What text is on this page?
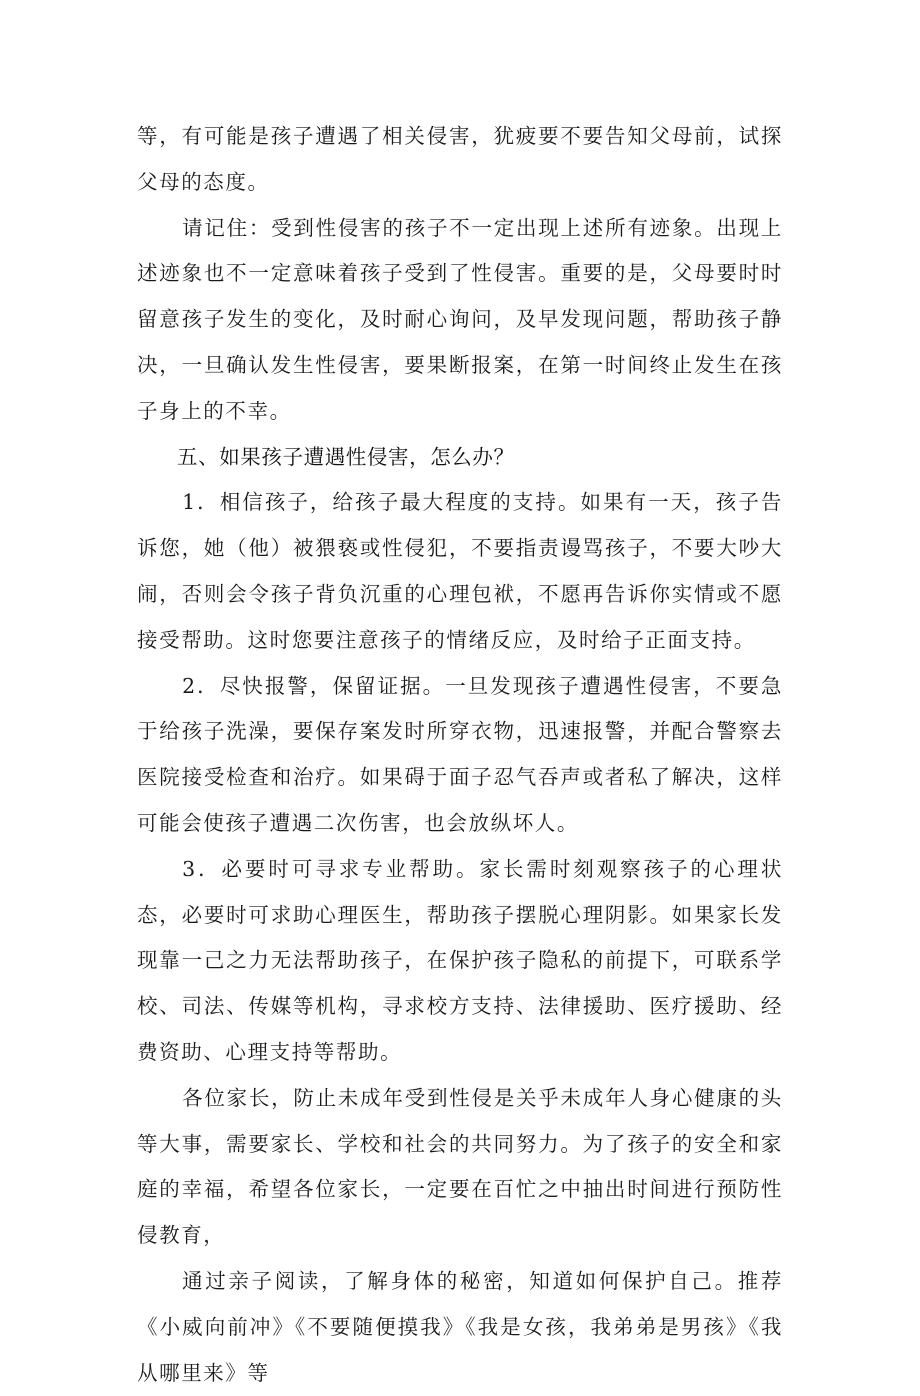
等，有可能是孩子遭遇了相关侵害，犹疲要不要告知父母前，试探父母的态度。

请记住：受到性侵害的孩子不一定出现上述所有迹象。出现上述迹象也不一定意味着孩子受到了性侵害。重要的是，父母要时时留意孩子发生的变化，及时耐心询问，及早发现问题，帮助孩子静决，一旦确认发生性侵害，要果断报案，在第一时间终止发生在孩子身上的不幸。

五、如果孩子遭遇性侵害，怎么办？

1．相信孩子，给孩子最大程度的支持。如果有一天，孩子告诉您，她（他）被猥亵或性侵犯，不要指责谩骂孩子，不要大吵大闹，否则会令孩子背负沉重的心理包袱，不愿再告诉你实情或不愿接受帮助。这时您要注意孩子的情绪反应，及时给子正面支持。

2．尽快报警，保留证据。一旦发现孩子遭遇性侵害，不要急于给孩子洗澡，要保存案发时所穿衣物，迅速报警，并配合警察去医院接受检查和治疗。如果碍于面子忍气吞声或者私了解决，这样可能会使孩子遭遇二次伤害，也会放纵坏人。

3．必要时可寻求专业帮助。家长需时刻观察孩子的心理状态，必要时可求助心理医生，帮助孩子摆脱心理阴影。如果家长发现靠一己之力无法帮助孩子，在保护孩子隐私的前提下，可联系学校、司法、传媒等机构，寻求校方支持、法律援助、医疗援助、经费资助、心理支持等帮助。

各位家长，防止未成年受到性侵是关乎未成年人身心健康的头等大事，需要家长、学校和社会的共同努力。为了孩子的安全和家庭的幸福，希望各位家长，一定要在百忙之中抽出时间进行预防性侵教育，

通过亲子阅读，了解身体的秘密，知道如何保护自己。推荐《小威向前冲》《不要随便摸我》《我是女孩，我弟弟是男孩》《我从哪里来》等
